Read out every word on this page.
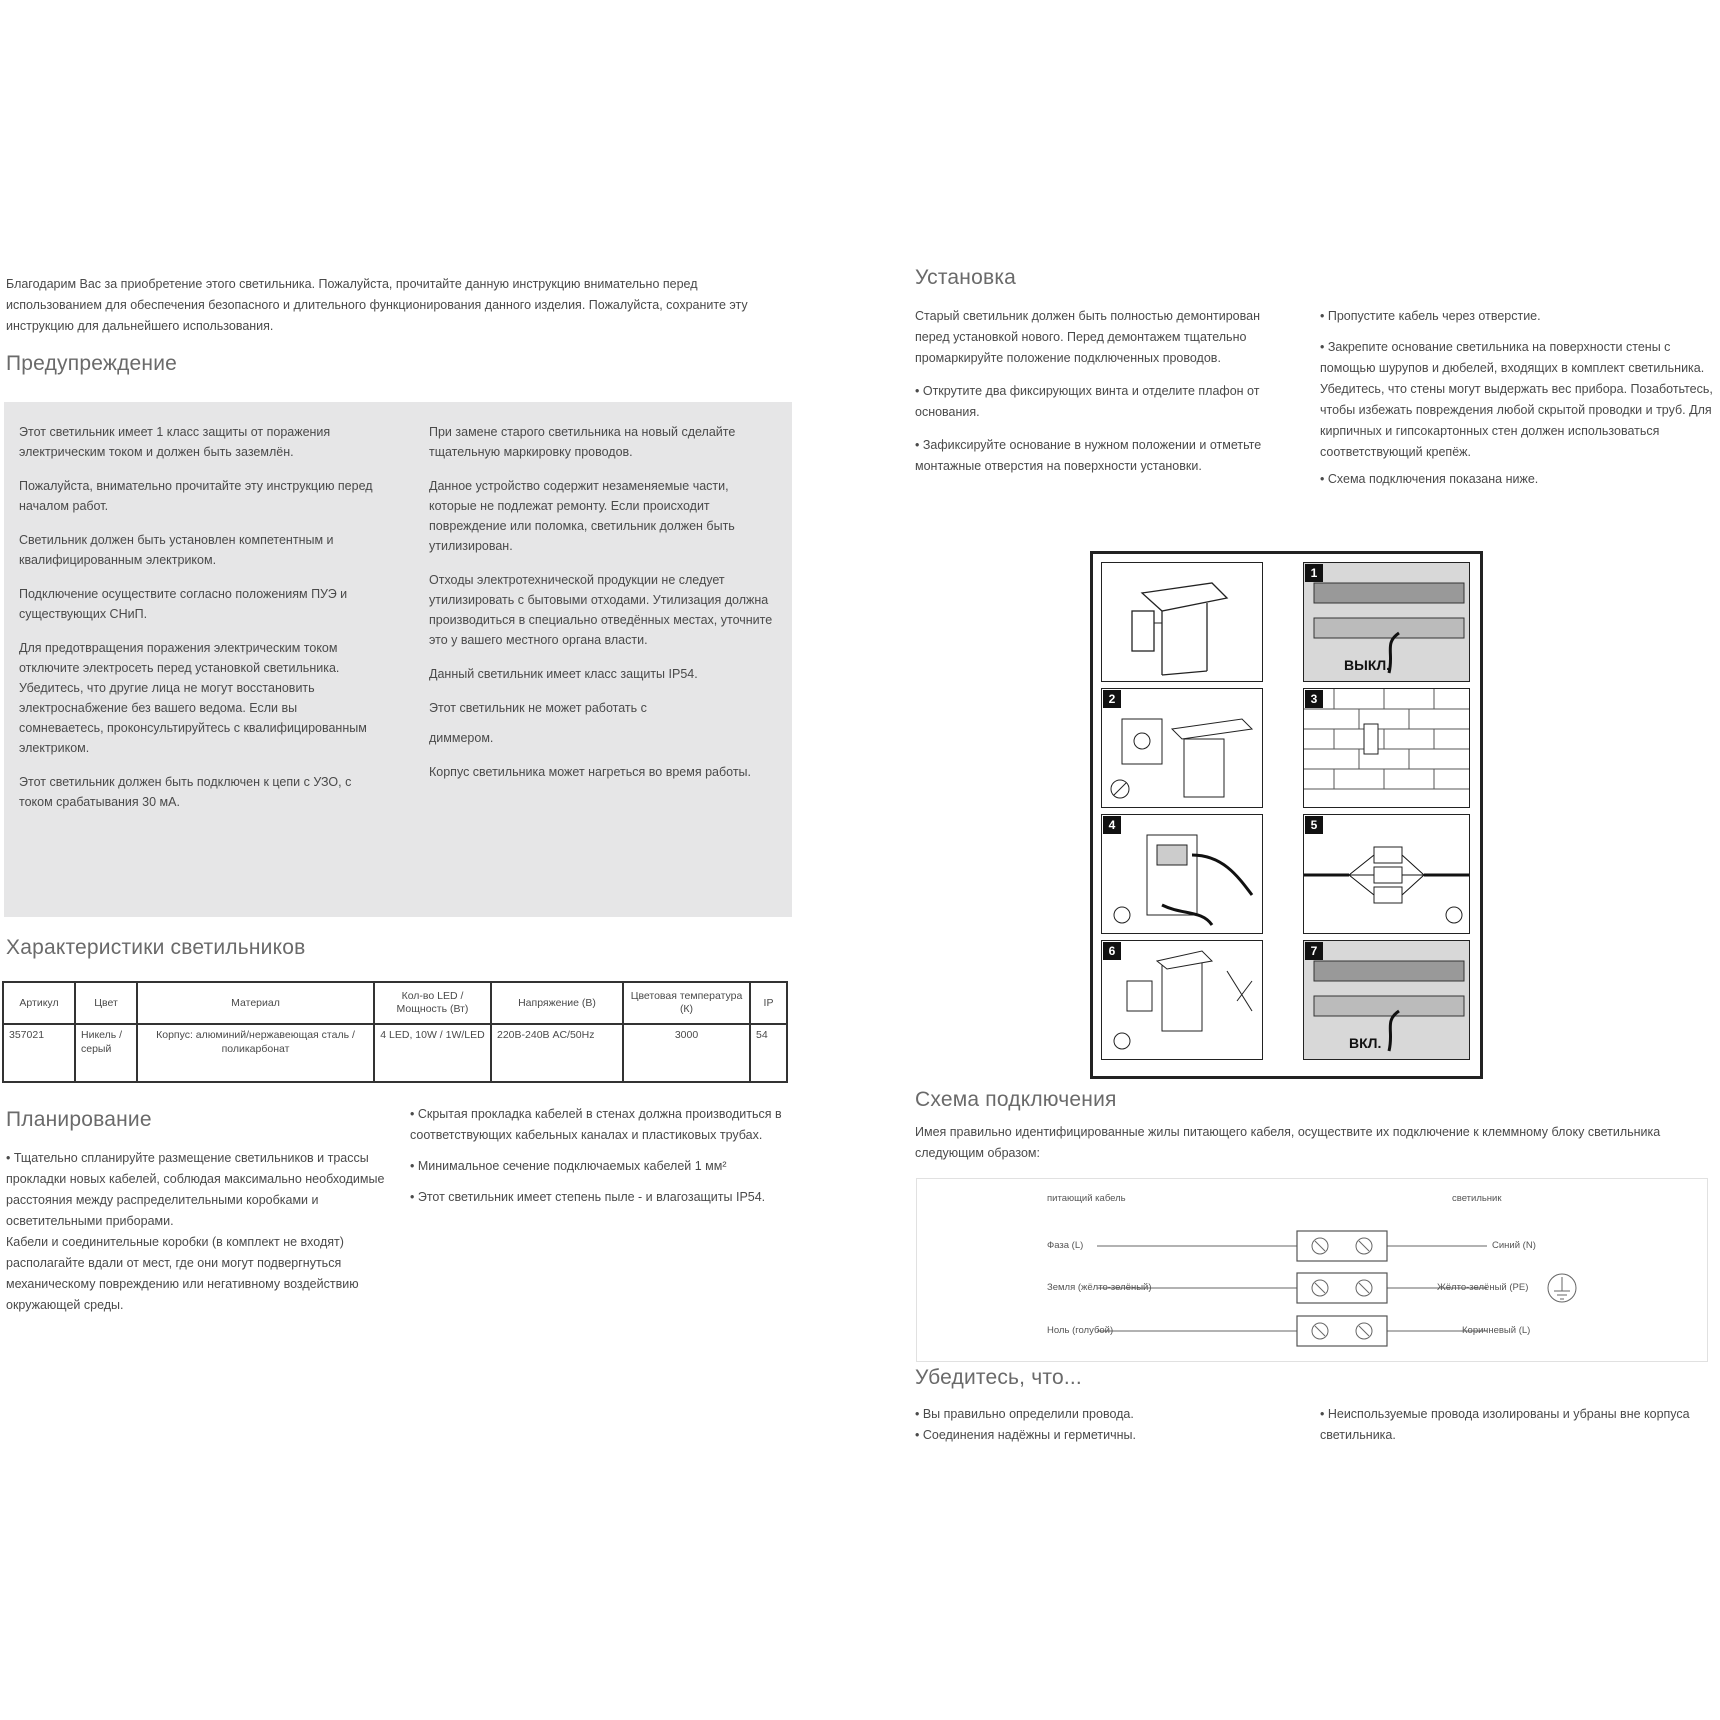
Благодарим Вас за приобретение этого светильника. Пожалуйста, прочитайте данную инструкцию внимательно перед использованием для обеспечения безопасного и длительного функционирования данного изделия. Пожалуйста, сохраните эту инструкцию для дальнейшего использования.

Предупреждение

Этот светильник имеет 1 класс защиты от поражения электрическим током и должен быть заземлён.

Пожалуйста, внимательно прочитайте эту инструкцию перед началом работ.

Светильник должен быть установлен компетентным и квалифицированным электриком.

Подключение осуществите согласно положениям ПУЭ и существующих СНиП.

Для предотвращения поражения электрическим током отключите электросеть перед установкой светильника. Убедитесь, что другие лица не могут восстановить электроснабжение без вашего ведома. Если вы сомневаетесь, проконсультируйтесь с квалифицированным электриком.

Этот светильник должен быть подключен к цепи с УЗО, с током срабатывания 30 мА.

При замене старого светильника на новый сделайте тщательную маркировку проводов.

Данное устройство содержит незаменяемые части, которые не подлежат ремонту. Если происходит повреждение или поломка, светильник должен быть утилизирован.

Отходы электротехнической продукции не следует утилизировать с бытовыми отходами. Утилизация должна производиться в специально отведённых местах, уточните это у вашего местного органа власти.

Данный светильник имеет класс защиты IP54.

Этот светильник не может работать с

диммером.

Корпус светильника может нагреться во время работы.

Характеристики светильников
Артикул	Цвет	Материал	Кол-во LED / Мощность (Вт)	Напряжение (В)	Цветовая температура (К)	IP
357021	Никель / серый	Корпус: алюминий/нержавеющая сталь / поликарбонат	4 LED, 10W / 1W/LED	220В-240В AC/50Hz	3000	54
Планирование

• Тщательно спланируйте размещение светильников и трассы прокладки новых кабелей, соблюдая максимально необходимые расстояния между распределительными коробками и осветительными приборами.

Кабели и соединительные коробки (в комплект не входят) располагайте вдали от мест, где они могут подвергнуться механическому повреждению или негативному воздействию окружающей среды.

• Скрытая прокладка кабелей в стенах должна производиться в соответствующих кабельных каналах и пластиковых трубах.

• Минимальное сечение подключаемых кабелей 1 мм²

• Этот светильник имеет степень пыле - и влагозащиты IP54.

Установка

Старый светильник должен быть полностью демонтирован перед установкой нового. Перед демонтажем тщательно промаркируйте положение подключенных проводов.

• Открутите два фиксирующих винта и отделите плафон от основания.

• Зафиксируйте основание в нужном положении и отметьте монтажные отверстия на поверхности установки.

• Пропустите кабель через отверстие.

• Закрепите основание светильника на поверхности стены с помощью шурупов и дюбелей, входящих в комплект светильника. Убедитесь, что стены могут выдержать вес прибора. Позаботьтесь, чтобы избежать повреждения любой скрытой проводки и труб. Для кирпичных и гипсокартонных стен должен использоваться соответствующий крепёж.

• Схема подключения показана ниже.

1
ВЫКЛ.
2	3
4	5
6	7
ВКЛ.
Схема подключения

Имея правильно идентифицированные жилы питающего кабеля, осуществите их подключение к клеммному блоку светильника следующим образом:

питающий кабель	светильник
Фаза (L)
Земля (жёлто-зелёный)
Ноль (голубой)
Синий (N)
Жёлто-зелёный (PE)
Коричневый (L)
Убедитесь, что...

• Вы правильно определили провода.

• Соединения надёжны и герметичны.

• Неиспользуемые провода изолированы и убраны вне корпуса светильника.
